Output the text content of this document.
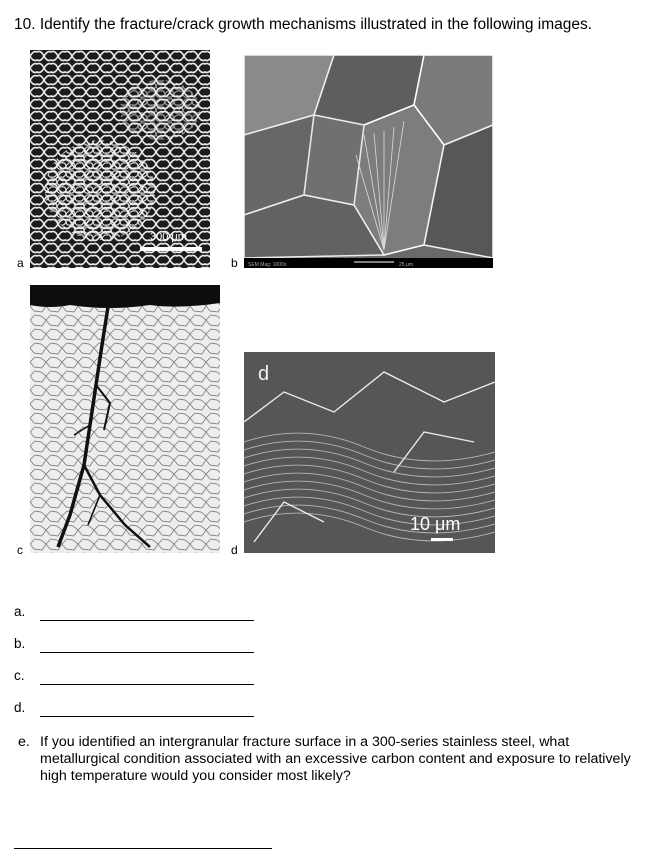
10. Identify the fracture/crack growth mechanisms illustrated in the following images.
300 μm
a	SEM Mag: 1000x	25 μm
b
c
d
10 μm
d
a.
b.
c.
d.
e. If you identified an intergranular fracture surface in a 300-series stainless steel, what metallurgical condition associated with an excessive carbon content and exposure to relatively high temperature would you consider most likely?
